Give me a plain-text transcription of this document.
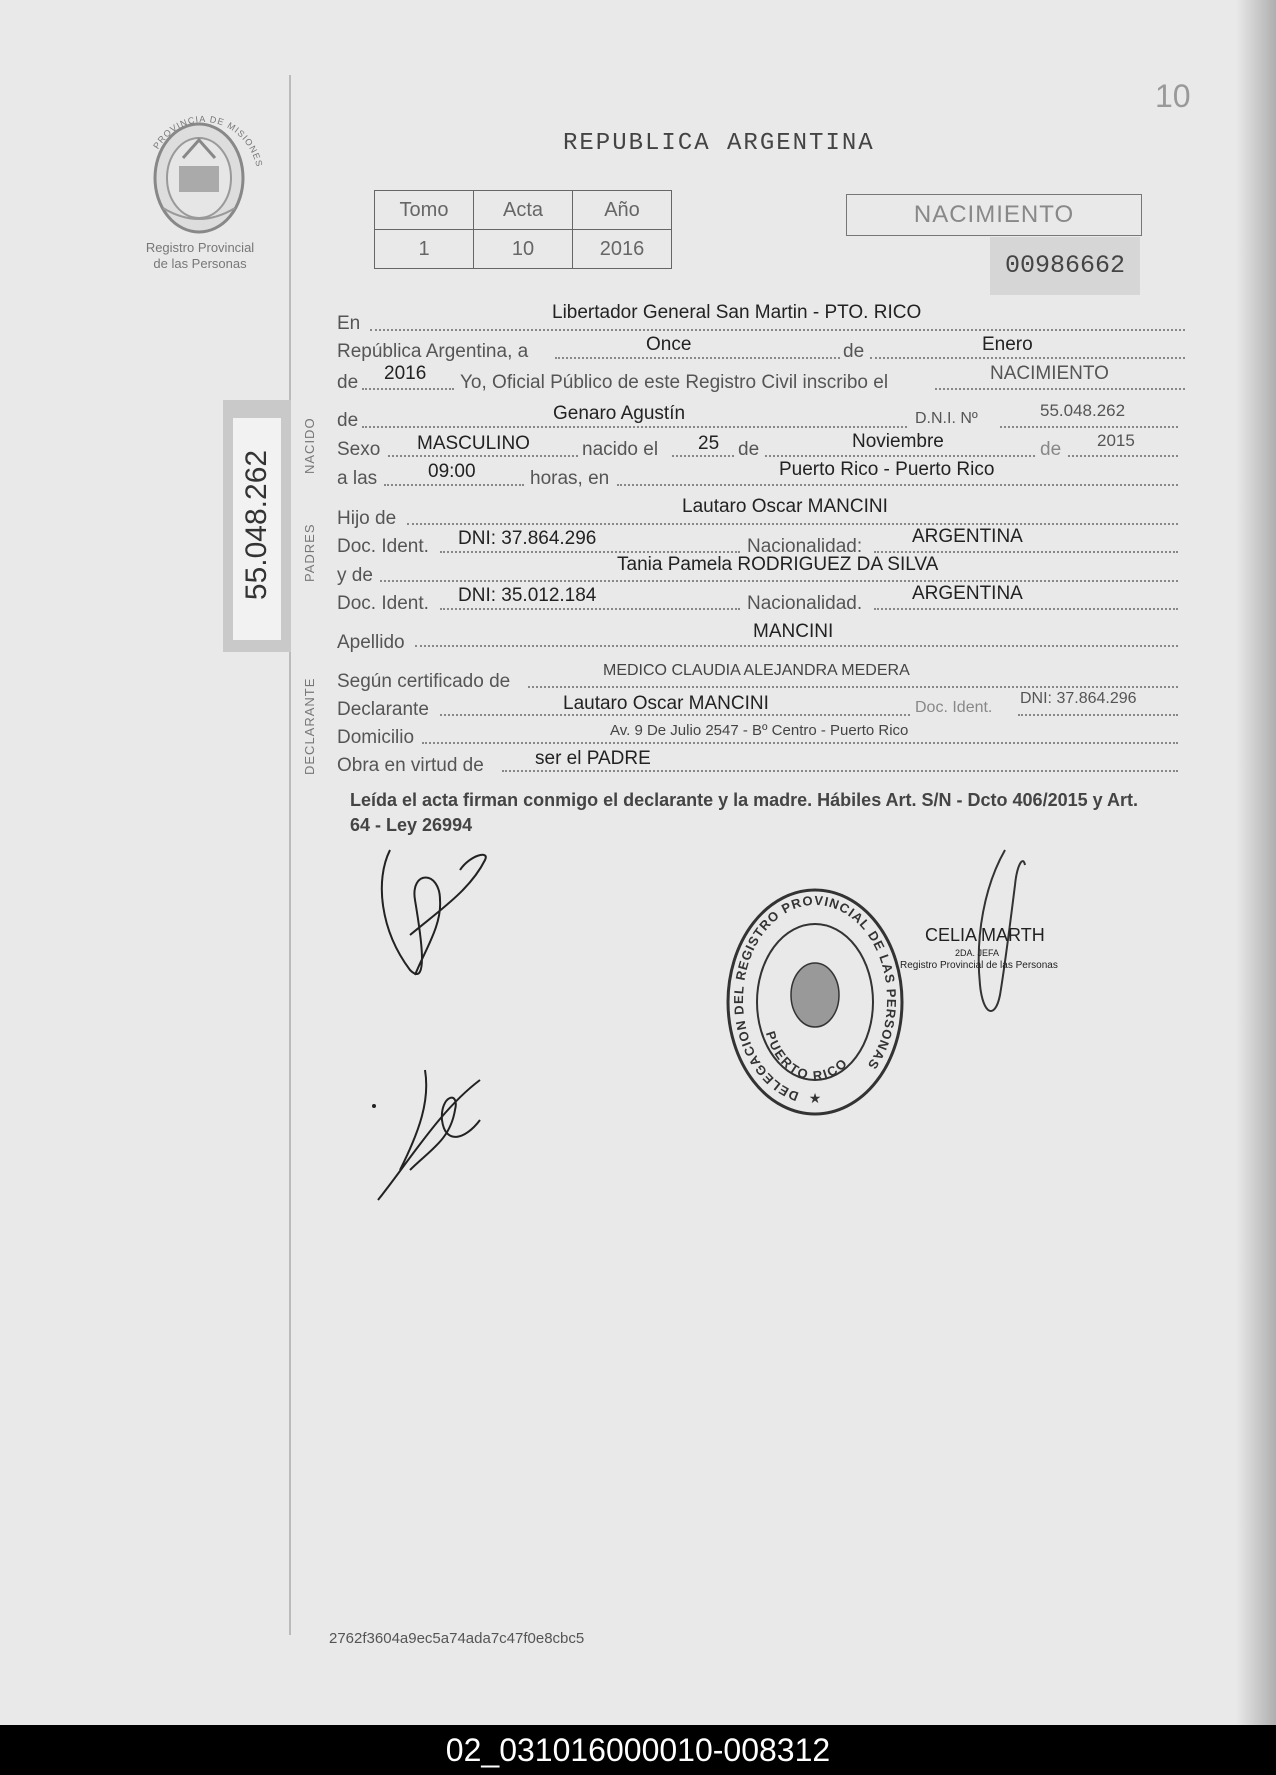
10
PROVINCIA DE MISIONES
Registro Provincial
de las Personas
REPUBLICA ARGENTINA
Tomo	Acta	Año
1	10	2016
NACIMIENTO
00986662
55.048.262
NACIDO
PADRES
DECLARANTE
En
Libertador General San Martin - PTO. RICO
República Argentina, a	Once	de	Enero
de 2016 Yo, Oficial Público de este Registro Civil inscribo el	NACIMIENTO
de	Genaro Agustín	D.N.I. Nº	55.048.262
Sexo MASCULINO	nacido el 25 de	Noviembre	de 2015
a las	09:00	horas, en	Puerto Rico - Puerto Rico
Hijo de
Lautaro Oscar MANCINI
Doc. Ident. DNI: 37.864.296	Nacionalidad:	ARGENTINA
y de
Tania Pamela RODRIGUEZ DA SILVA
Doc. Ident. DNI: 35.012.184	Nacionalidad.	ARGENTINA
Apellido
MANCINI
Según certificado de
MEDICO CLAUDIA ALEJANDRA MEDERA
Declarante	Lautaro Oscar MANCINI	Doc. Ident.
DNI: 37.864.296
Domicilio	Av. 9 De Julio 2547 - Bº Centro - Puerto Rico
Obra en virtud de	ser el PADRE
Leída el acta firman conmigo el declarante y la madre. Hábiles Art. S/N - Dcto 406/2015 y Art. 64 - Ley 26994
DELEGACION DEL REGISTRO PROVINCIAL DE LAS PERSONAS
PUERTO RICO
★
CELIA MARTH
2DA. JEFA
Registro Provincial de las Personas
2762f3604a9ec5a74ada7c47f0e8cbc5
02_031016000010-008312
